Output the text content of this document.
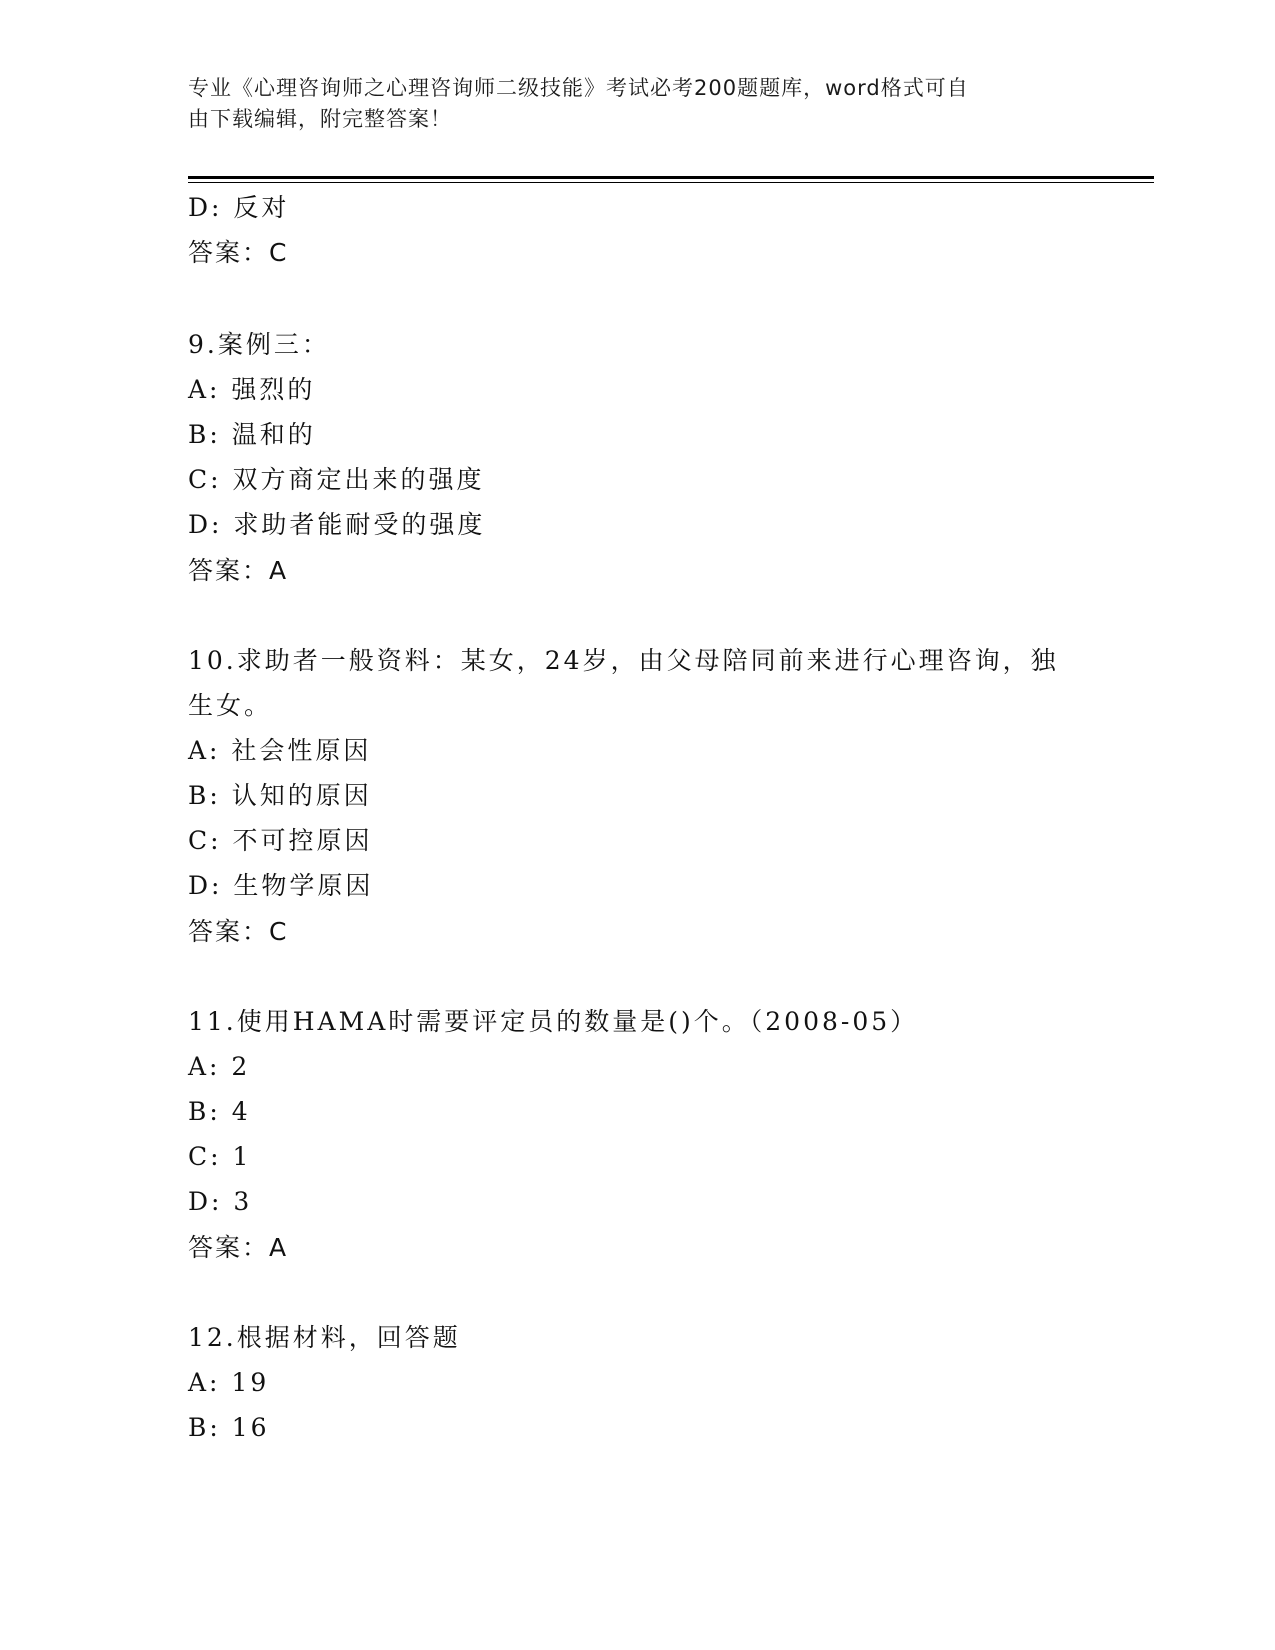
专业《心理咨询师之心理咨询师二级技能》考试必考200题题库，word格式可自
由下载编辑，附完整答案！
D: 反对
答案：C
9.案例三：
A: 强烈的
B: 温和的
C: 双方商定出来的强度
D: 求助者能耐受的强度
答案：A
10.求助者一般资料：某女，24岁，由父母陪同前来进行心理咨询，独
生女。
A: 社会性原因
B: 认知的原因
C: 不可控原因
D: 生物学原因
答案：C
11.使用HAMA时需要评定员的数量是()个。（2008-05）
A: 2
B: 4
C: 1
D: 3
答案：A
12.根据材料，回答题
A: 19
B: 16
